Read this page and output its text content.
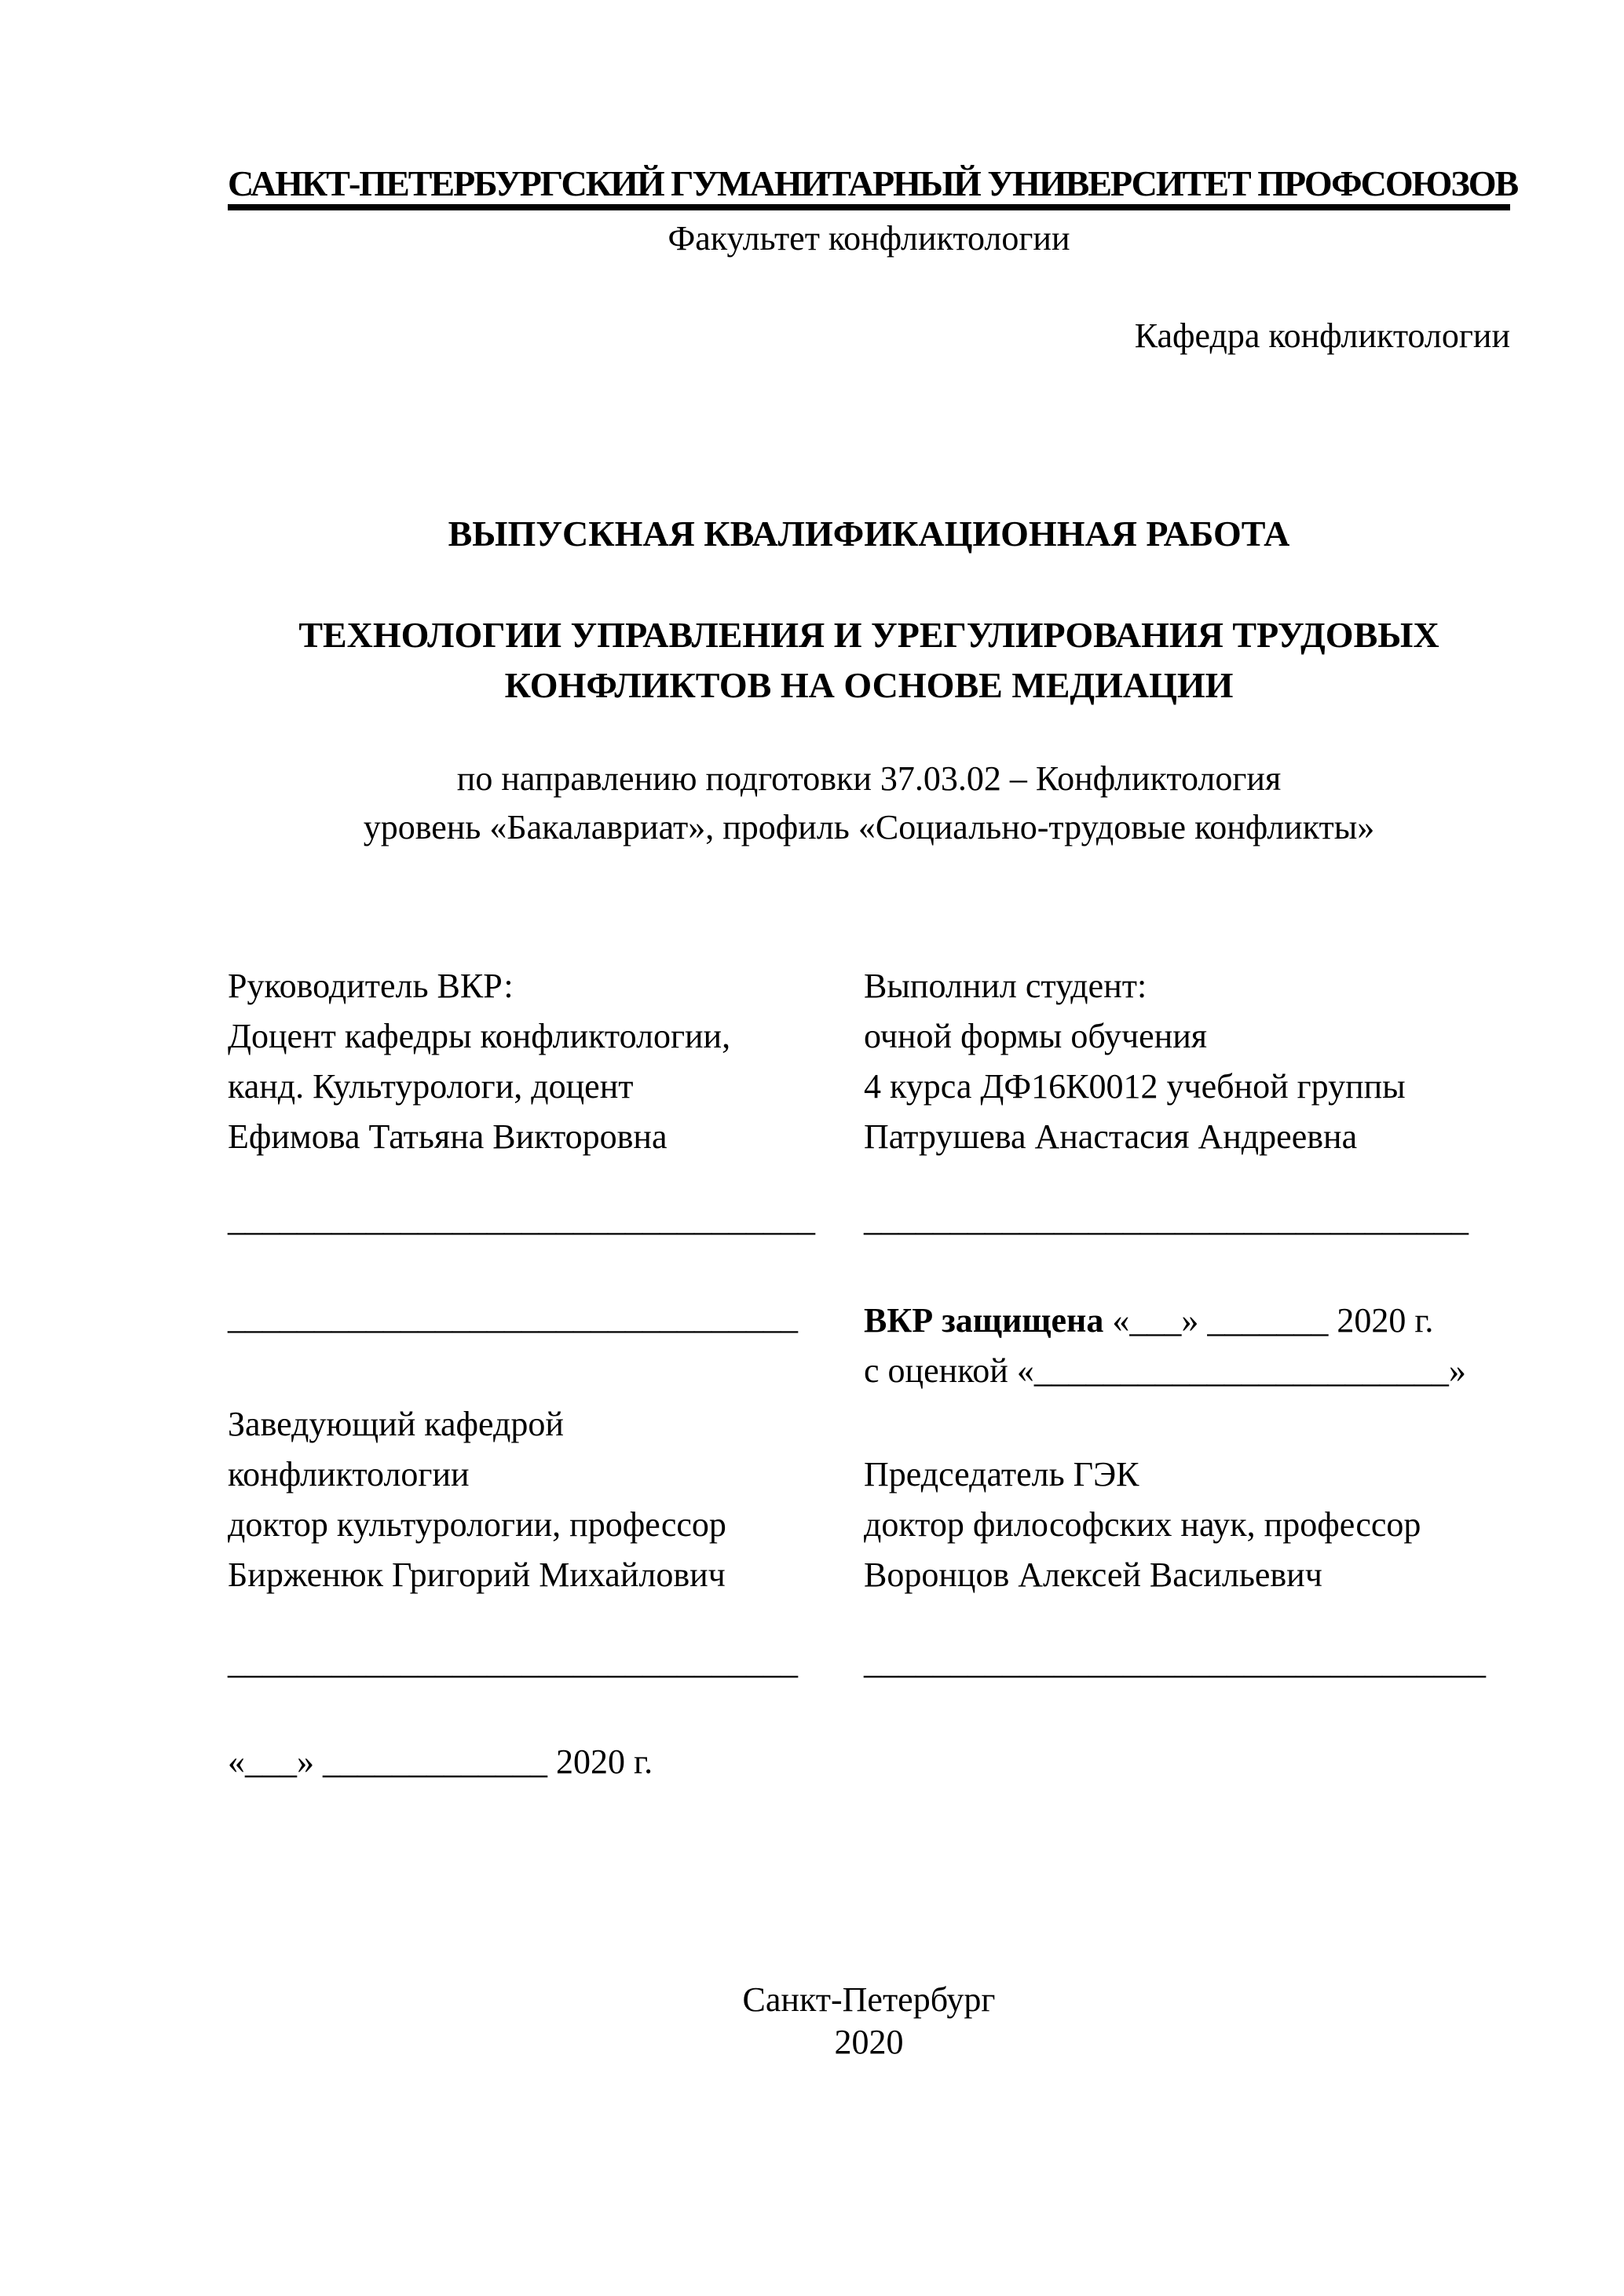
САНКТ-ПЕТЕРБУРГСКИЙ ГУМАНИТАРНЫЙ УНИВЕРСИТЕТ ПРОФСОЮЗОВ
Факультет конфликтологии
Кафедра конфликтологии
ВЫПУСКНАЯ КВАЛИФИКАЦИОННАЯ РАБОТА
ТЕХНОЛОГИИ УПРАВЛЕНИЯ И УРЕГУЛИРОВАНИЯ ТРУДОВЫХ
КОНФЛИКТОВ НА ОСНОВЕ МЕДИАЦИИ
по направлению подготовки 37.03.02 – Конфликтология
уровень «Бакалавриат», профиль «Социально-трудовые конфликты»
Руководитель ВКР:
Доцент кафедры конфликтологии,
канд. Культурологи, доцент
Ефимова Татьяна Викторовна
Выполнил студент:
очной формы обучения
4 курса ДФ16К0012 учебной группы
Патрушева Анастасия Андреевна
__________________________________	___________________________________
_________________________________	ВКР защищена «___» _______ 2020 г.
с оценкой «________________________»
Заведующий кафедрой
конфликтологии
доктор культурологии, профессор
Бирженюк Григорий Михайлович
Председатель ГЭК
доктор философских наук, профессор
Воронцов Алексей Васильевич
_________________________________	____________________________________
«___» _____________ 2020 г.
Санкт-Петербург
2020
